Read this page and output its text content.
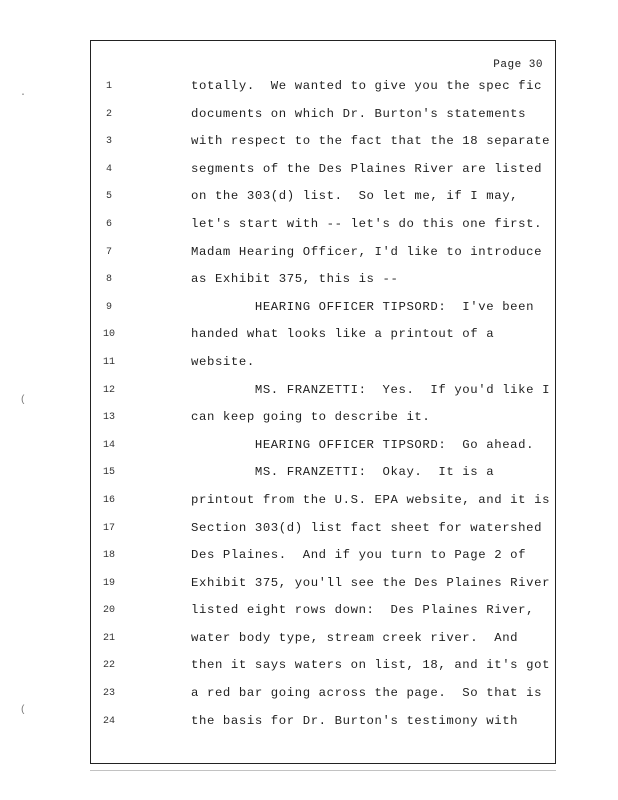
·
(
(
Page 30
1	totally.  We wanted to give you the spec fic
2	documents on which Dr. Burton's statements
3	with respect to the fact that the 18 separate
4	segments of the Des Plaines River are listed
5	on the 303(d) list.  So let me, if I may,
6	let's start with -- let's do this one first.
7	Madam Hearing Officer, I'd like to introduce
8	as Exhibit 375, this is --
9	HEARING OFFICER TIPSORD:  I've been
10	handed what looks like a printout of a
11	website.
12	MS. FRANZETTI:  Yes.  If you'd like I
13	can keep going to describe it.
14	HEARING OFFICER TIPSORD:  Go ahead.
15	MS. FRANZETTI:  Okay.  It is a
16	printout from the U.S. EPA website, and it is
17	Section 303(d) list fact sheet for watershed
18	Des Plaines.  And if you turn to Page 2 of
19	Exhibit 375, you'll see the Des Plaines River
20	listed eight rows down:  Des Plaines River,
21	water body type, stream creek river.  And
22	then it says waters on list, 18, and it's got
23	a red bar going across the page.  So that is
24	the basis for Dr. Burton's testimony with
